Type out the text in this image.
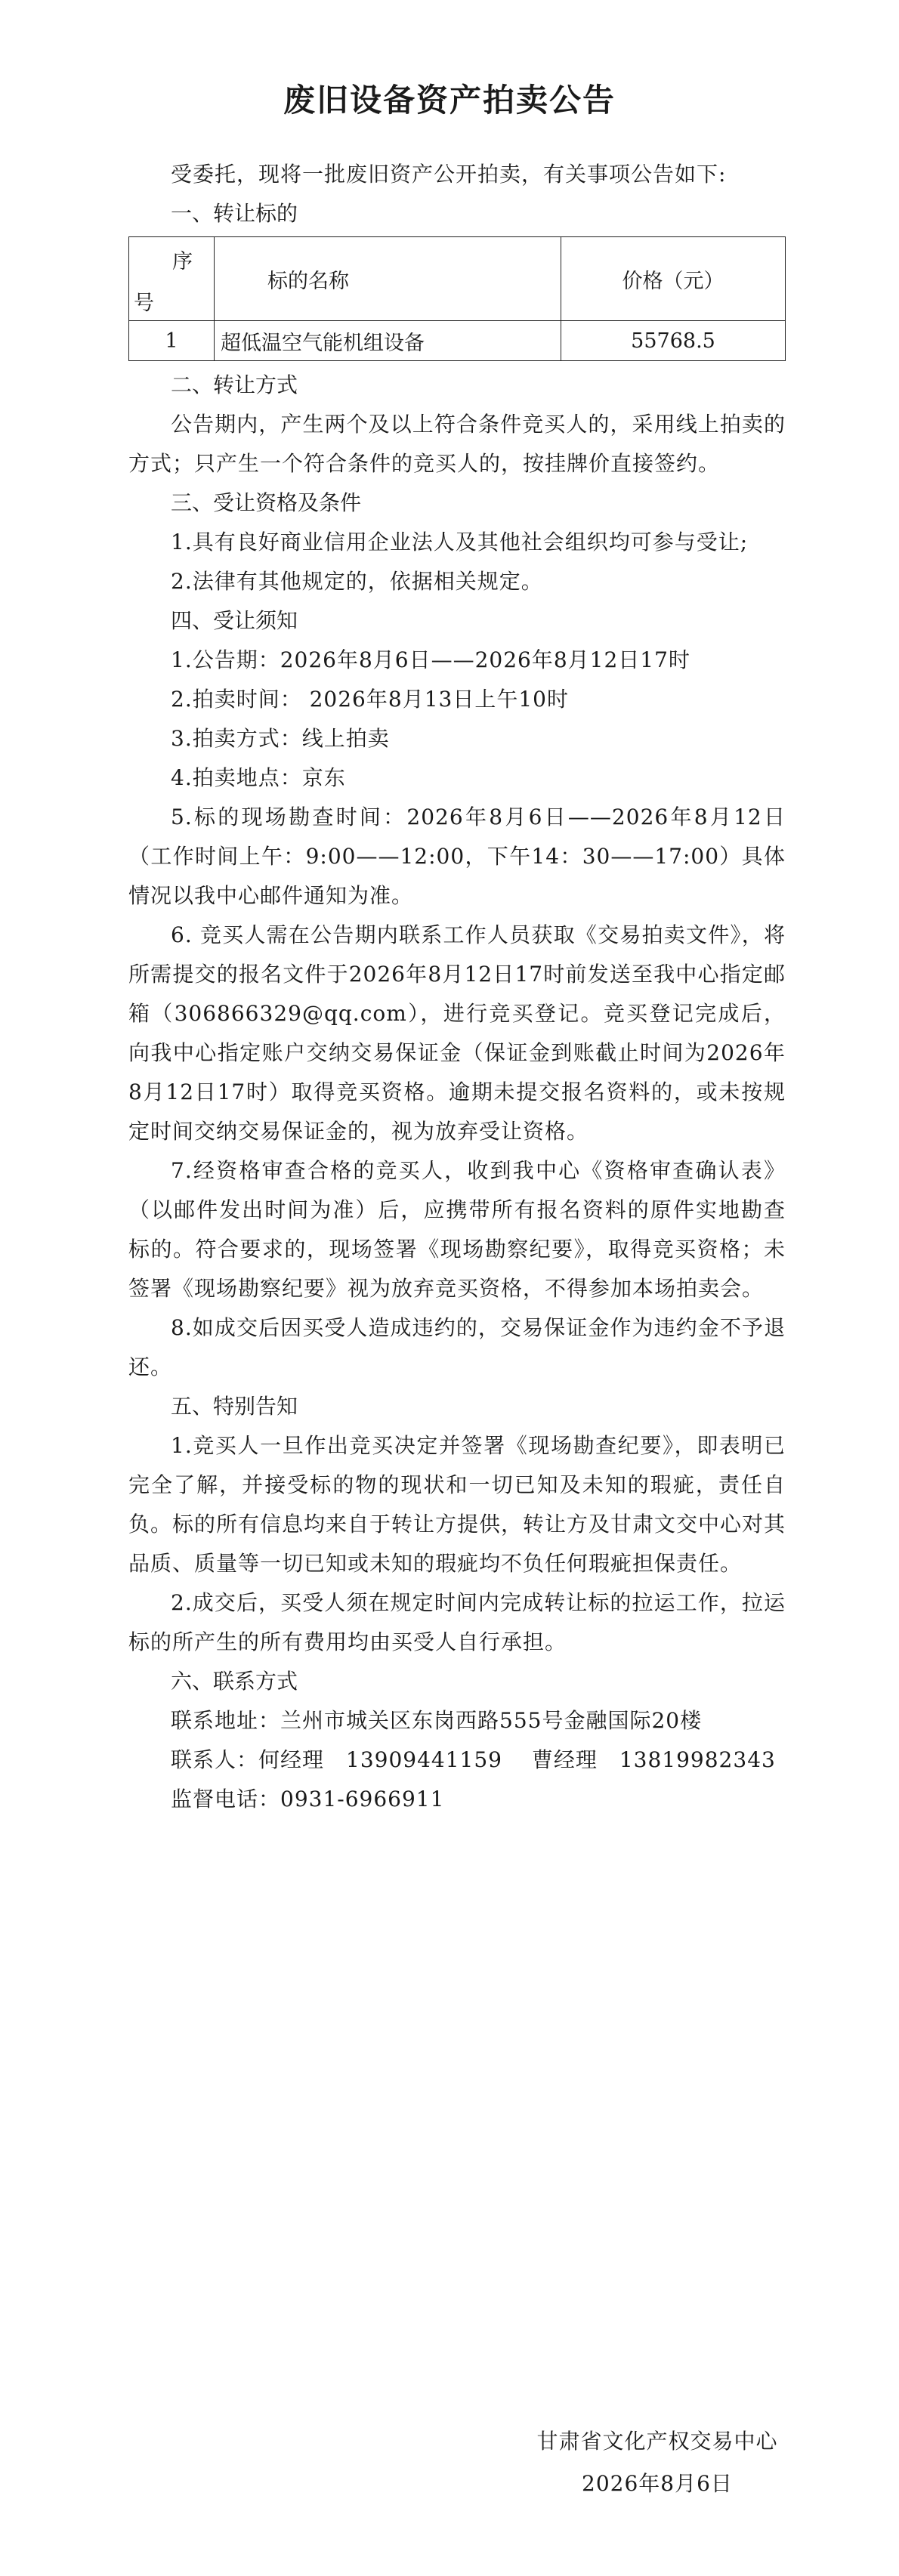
废旧设备资产拍卖公告

受委托，现将一批废旧资产公开拍卖，有关事项公告如下:

一、转让标的

序
号	标的名称	价格（元）
1	超低温空气能机组设备	55768.5

二、转让方式

公告期内，产生两个及以上符合条件竞买人的，采用线上拍卖的方式；只产生一个符合条件的竞买人的，按挂牌价直接签约。

三、受让资格及条件

1.具有良好商业信用企业法人及其他社会组织均可参与受让;

2.法律有其他规定的，依据相关规定。

四、受让须知

1.公告期：2026年8月6日——2026年8月12日17时

2.拍卖时间： 2026年8月13日上午10时

3.拍卖方式：线上拍卖

4.拍卖地点：京东

5.标的现场勘查时间：2026年8月6日——2026年8月12日（工作时间上午：9:00——12:00，下午14：30——17:00）具体情况以我中心邮件通知为准。

6. 竞买人需在公告期内联系工作人员获取《交易拍卖文件》，将所需提交的报名文件于2026年8月12日17时前发送至我中心指定邮箱（306866329@qq.com），进行竞买登记。竞买登记完成后，向我中心指定账户交纳交易保证金（保证金到账截止时间为2026年8月12日17时）取得竞买资格。逾期未提交报名资料的，或未按规定时间交纳交易保证金的，视为放弃受让资格。

7.经资格审查合格的竞买人，收到我中心《资格审查确认表》（以邮件发出时间为准）后，应携带所有报名资料的原件实地勘查标的。符合要求的，现场签署《现场勘察纪要》，取得竞买资格；未签署《现场勘察纪要》视为放弃竞买资格，不得参加本场拍卖会。

8.如成交后因买受人造成违约的，交易保证金作为违约金不予退还。

五、特别告知

1.竞买人一旦作出竞买决定并签署《现场勘查纪要》，即表明已完全了解，并接受标的物的现状和一切已知及未知的瑕疵，责任自负。标的所有信息均来自于转让方提供，转让方及甘肃文交中心对其品质、质量等一切已知或未知的瑕疵均不负任何瑕疵担保责任。

2.成交后，买受人须在规定时间内完成转让标的拉运工作，拉运标的所产生的所有费用均由买受人自行承担。

六、联系方式

联系地址：兰州市城关区东岗西路555号金融国际20楼

联系人：何经理　13909441159　 曹经理　13819982343

监督电话：0931-6966911

甘肃省文化产权交易中心
2026年8月6日
